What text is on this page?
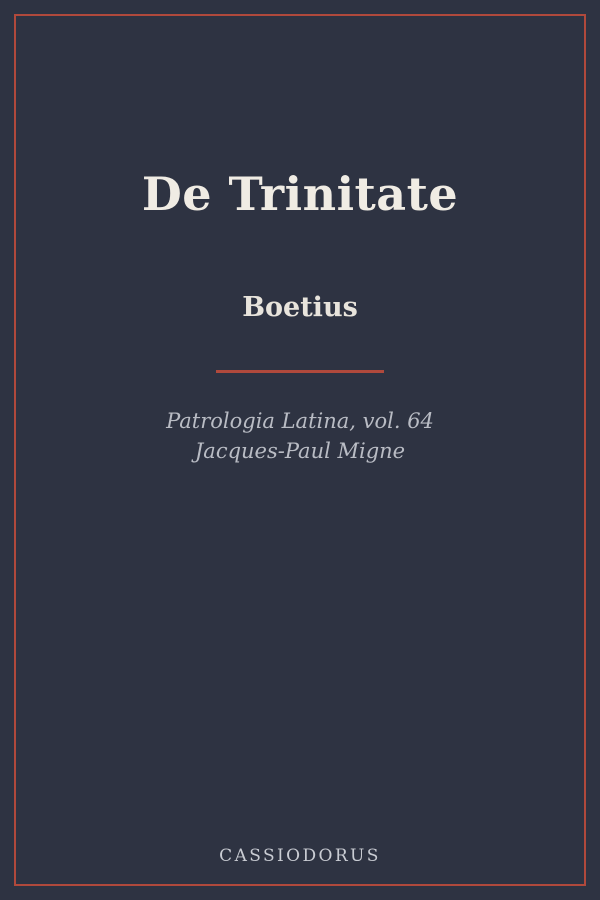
De Trinitate
Boetius
Patrologia Latina, vol. 64
Jacques-Paul Migne
CASSIODORUS
